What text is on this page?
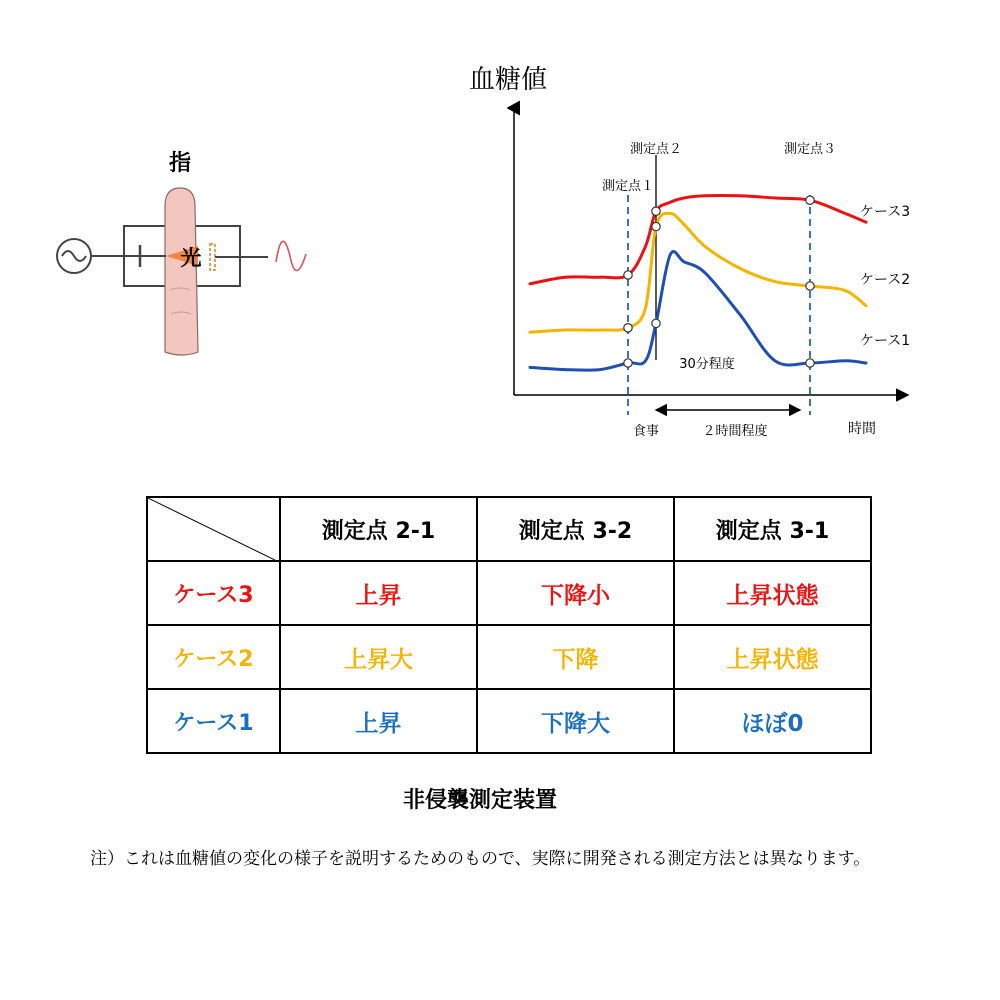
指
光
血糖値
測定点１
測定点２	測定点３
ケース3
ケース2
ケース1
食事	２時間程度
30分程度
時間
	測定点 2-1	測定点 3-2	測定点 3-1
ケース3	上昇	下降小	上昇状態
ケース2	上昇大	下降	上昇状態
ケース1	上昇	下降大	ほぼ0
非侵襲測定装置
注）これは血糖値の変化の様子を説明するためのもので、実際に開発される測定方法とは異なります。
